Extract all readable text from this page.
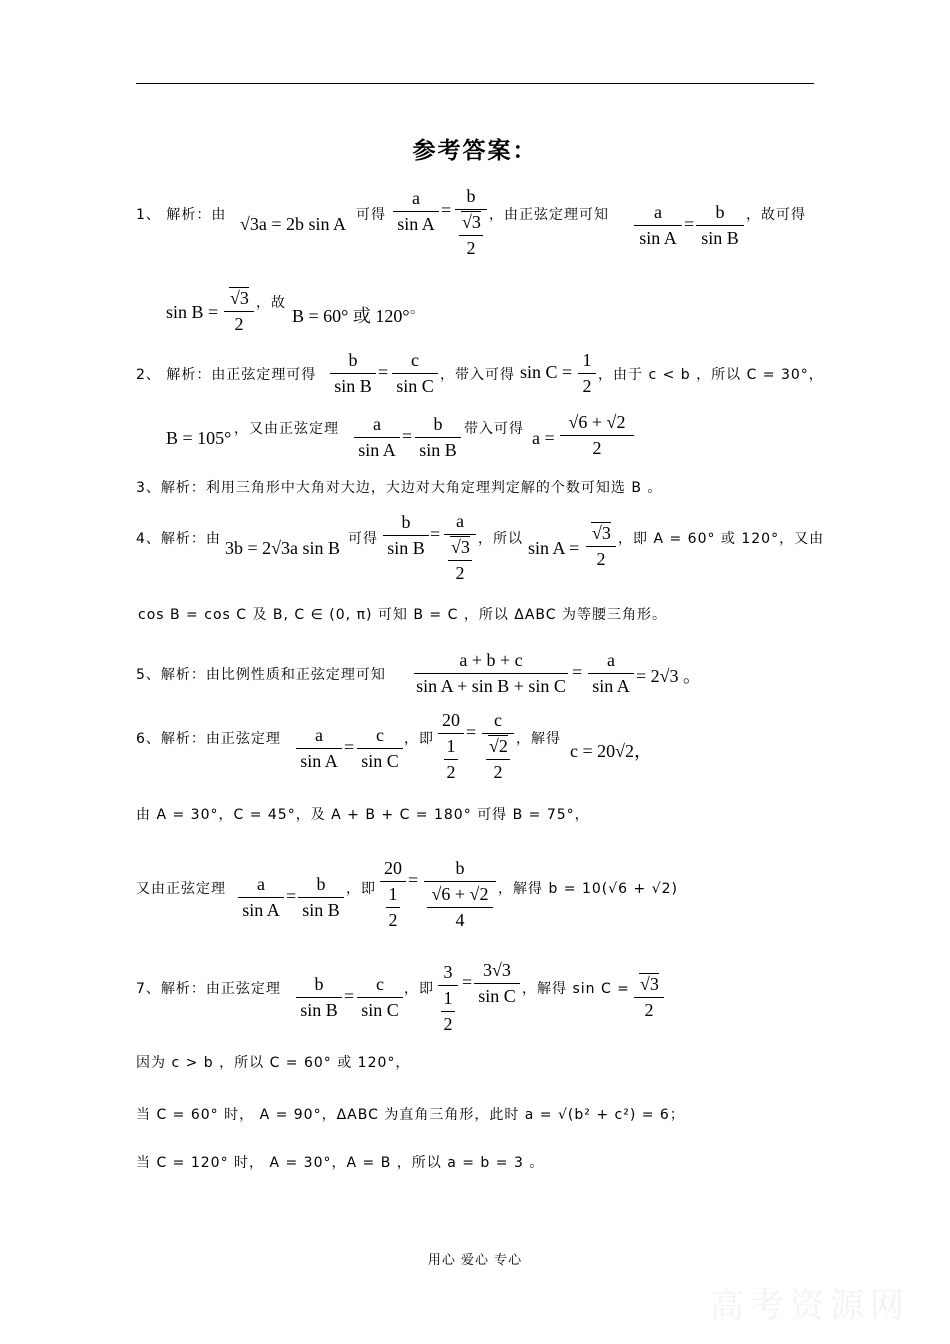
参考答案：
1、 解析：由 √3a = 2b sin A 可得
a
sin A
=
b
√3
2
，由正弦定理可知	a
sin A
=
b
sin B
，故可得
sin B =
√3
2
，故
B = 60° 或 120° 。
2、 解析：由正弦定理可得
b
sin B
=
c
sin C
，带入可得 sin C =
1
2
，由于 c < b ，所以 C = 30°，
B = 105° ，又由正弦定理	a
sin A
=
b
sin B
带入可得 a =
√6 + √2
2
3、解析：利用三角形中大角对大边，大边对大角定理判定解的个数可知选 B 。
4、解析：由 3b = 2√3a sin B 可得
b
sin B
=
a
√3
2
，所以 sin A =
√3
2
，即 A = 60° 或 120°，又由
cos B = cos C 及 B, C ∈ (0, π) 可知 B = C ，所以 ΔABC 为等腰三角形。
5、解析：由比例性质和正弦定理可知
a + b + c
sin A + sin B + sin C
=
a
sin A = 2√3 。
6、解析：由正弦定理	a
sin A
=
c
sin C
，即
20
1
2
=
c
√2
2
，解得
c = 20√2，
由 A = 30°，C = 45°，及 A + B + C = 180° 可得 B = 75°，
又由正弦定理	a
sin A
=
b
sin B
，即
20
1
2
=
b
√6 + √2
4
，解得 b = 10(√6 + √2)
7、解析：由正弦定理	b
sin B
=
c
sin C
，即
3
1
2
=
3√3
sin C ，解得 sin C = √3
2
因为 c > b ，所以 C = 60° 或 120°，
当 C = 60° 时， A = 90°，ΔABC 为直角三角形，此时 a = √(b² + c²) = 6；
当 C = 120° 时， A = 30°，A = B ，所以 a = b = 3 。
用心 爱心 专心
高考资源网
